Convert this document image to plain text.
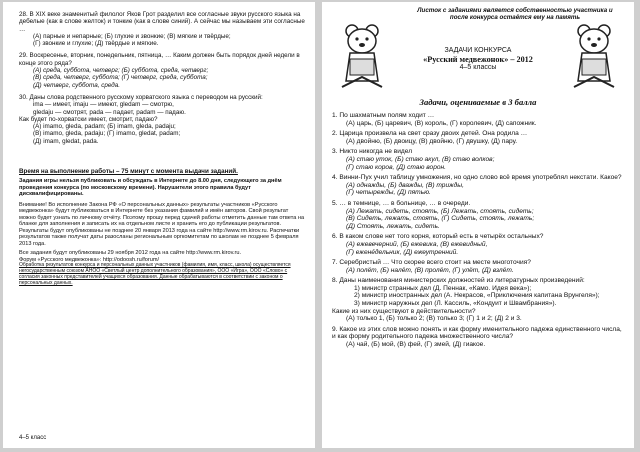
28. В XIX веке знаменитый филолог Яков Грот разделил все согласные звуки русского языка на дебелые (как в слове желток) и тонкие (как в слове синий). А сейчас мы называем эти согласные …

(А) парные и непарные; (Б) глухие и звонкие; (В) мягкие и твёрдые;

(Г) звонкие и глухие; (Д) твёрдые и мягкие.

29. Воскресенье, вторник, понедельник, пятница, … Каким должен быть порядок дней недели в конце этого ряда?

(А) среда, суббота, четверг; (Б) суббота, среда, четверг;

(В) среда, четверг, суббота; (Г) четверг, среда, суббота;

(Д) четверг, суббота, среда.

30. Даны слова родственного русскому хорватского языка с переводом на русский:

ima — имеет, imaju — имеют, gledam — смотрю,

gledaju — смотрят, pada — падает, padam — падаю.

Как будет по-хорватски имеет, смотрит, падаю?

(А) imamo, gleda, padam; (Б) imam, gleda, padaju;

(В) imamo, gleda, padaju; (Г) imamo, gledat, padam;

(Д) imam, gledat, pada.

Время на выполнение работы – 75 минут с момента выдачи заданий.

Задания игры нельзя публиковать и обсуждать в Интернете до 8.00 дня, следующего за днём проведения конкурса (по московскому времени). Нарушители этого правила будут дисквалифицированы.

Внимание! Во исполнение Закона РФ «О персональных данных» результаты участников «Русского медвежонка» будут публиковаться в Интернете без указания фамилий и имён авторов. Свой результат можно будет узнать по личному отчёту. Поэтому прошу перед сдачей работы отметить данные там ответа на бланке для заполнения и записать их на отдельном листе и хранить его до публикации результатов. Результаты будут опубликованы не позднее 20 января 2013 года на сайте http://www.rm.kirov.ru. Распечатки результатов также получат даты разосланы региональным оргкомитетам по школам не позднее 5 февраля 2013 года.

Все задания будут опубликованы 29 ноября 2012 года на сайте http://www.rm.kirov.ru.

Форум «Русского медвежонка»: http://odoosh.ru/forum/

Обработка результатов конкурса и персональных данных участников (фамилия, имя, класс, школа) осуществляется негосударственным союзом АНОО «Светлый центр дополнительного образования», ООО «Игра», ООО «Слово» с согласия законных представителей учащихся образования. Данные обрабатываются в соответствии с законом о персональных данных.

4–5 класс
Листок с заданиями является собственностью участника и после конкурса остаётся ему на память
ЗАДАЧИ КОНКУРСА
«Русский медвежонок» – 2012
4–5 классы
Задачи, оцениваемые в 3 балла

1. По шахматным полям ходит …

(А) царь, (Б) царевич, (В) король, (Г) королевич, (Д) сапожник.

2. Царица произвела на свет сразу двоих детей. Она родила …

(А) двойню, (Б) двоицу, (В) двойню, (Г) двушку, (Д) пару.

3. Никто никогда не видел

(А) стаю уток, (Б) стаю акул, (В) стаю волков;

(Г) стаю коров, (Д) стаю ворон.

4. Винни-Пух учил таблицу умножения, но одно слово всё время употреблял некстати. Какое?

(А) однажды, (Б) дважды, (В) трижды,

(Г) четырежды, (Д) пятью.

5. … в темнице, … в больнице, … в очереди.

(А) Лежать, сидеть, стоять, (Б) Лежать, стоять, сидеть;

(В) Сидеть, лежать, стоять, (Г) Сидеть, стоять, лежать;

(Д) Стоять, лежать, сидеть.

6. В каком слове нет того корня, который есть в четырёх остальных?

(А) ежевечерний, (Б) ежевика, (В) ежевидный,

(Г) ежене́дельник, (Д) ежеутренний.

7. Серебристый … Что скорее всего стоит на месте многоточия?

(А) полёт, (Б) налёт, (В) пролёт, (Г) улёт, (Д) взлёт.

8. Даны наименования министерских должностей из литературных произведений:

1) министр странных дел (Д. Пеннак, «Камо. Идея века»);

2) министр иностранных дел (А. Некрасов, «Приключения капитана Врунгеля»);

3) министр наружных дел (Л. Кассиль, «Кондуит и Швамбрания»).

Какие из них существуют в действительности?

(А) только 1, (Б) только 2; (В) только 3; (Г) 1 и 2; (Д) 2 и 3.

9. Какое из этих слов можно понять и как форму именительного падежа единственного числа, и как форму родительного падежа множественного числа?

(А) чай, (Б) мой, (В) фей, (Г) змей, (Д) гиакое.
